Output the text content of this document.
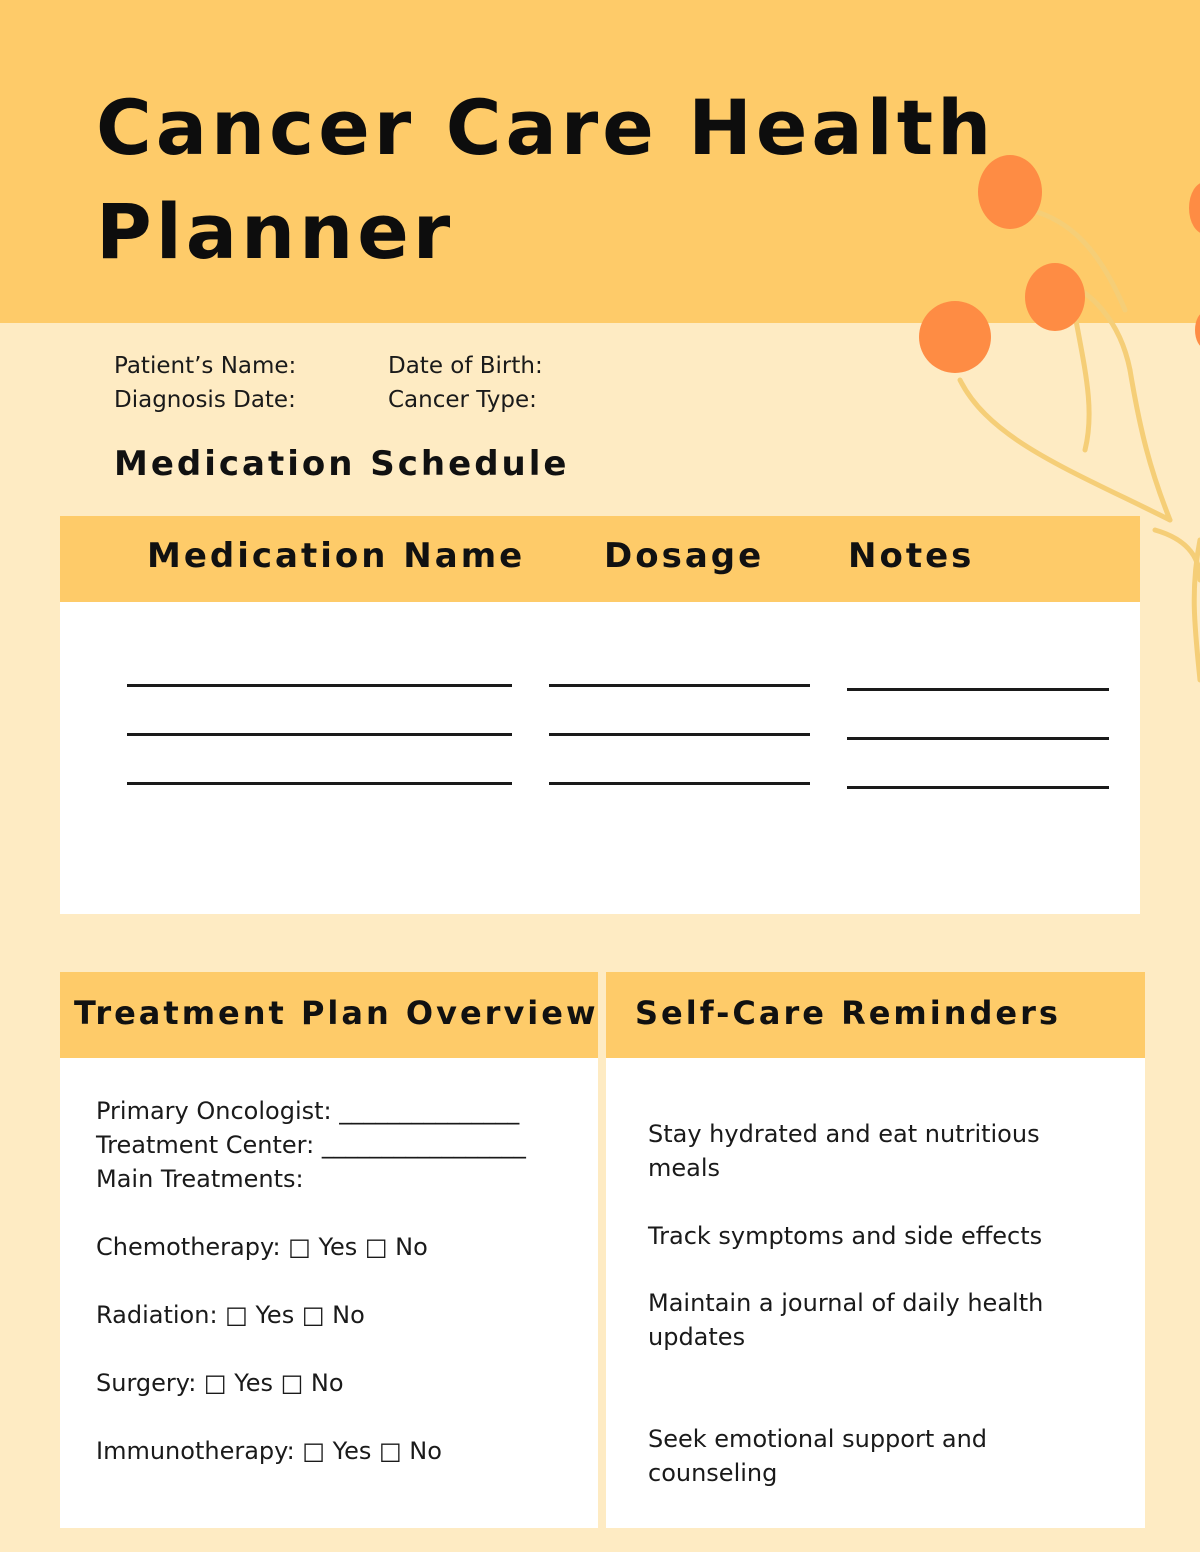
Cancer Care Health
Planner
Patient’s Name:
Diagnosis Date:
Date of Birth:
Cancer Type:
Medication Schedule
Medication Name Dosage Notes
Treatment Plan Overview
Primary Oncologist: _______________
Treatment Center: _________________
Main Treatments:
Chemotherapy: □ Yes □ No
Radiation: □ Yes □ No
Surgery: □ Yes □ No
Immunotherapy: □ Yes □ No
Self-Care Reminders
Stay hydrated and eat nutritious meals
Track symptoms and side effects
Maintain a journal of daily health updates
Seek emotional support and counseling
